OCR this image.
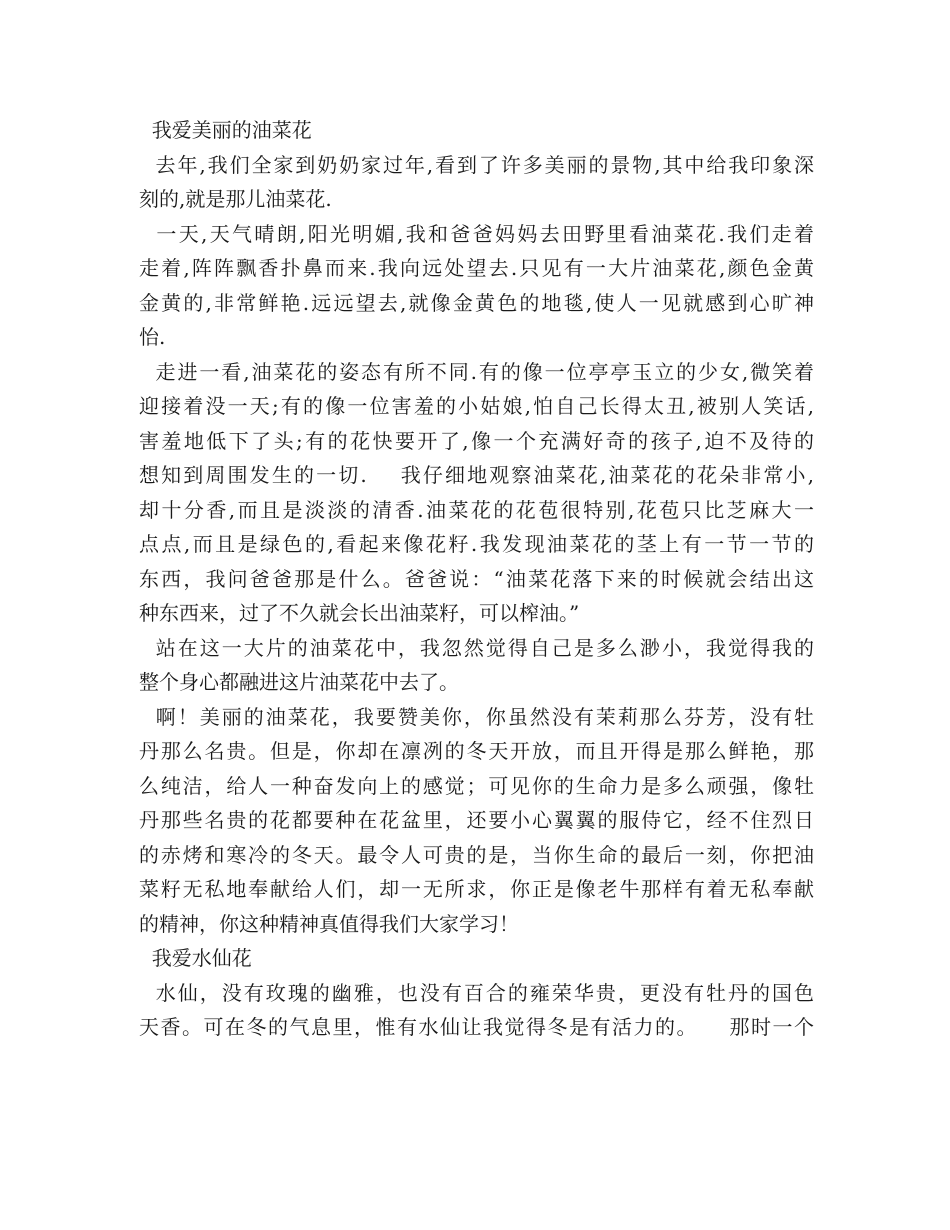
我爱美丽的油菜花
去年,我们全家到奶奶家过年,看到了许多美丽的景物,其中给我印象深
刻的,就是那儿油菜花.
一天,天气晴朗,阳光明媚,我和爸爸妈妈去田野里看油菜花.我们走着
走着,阵阵飘香扑鼻而来.我向远处望去.只见有一大片油菜花,颜色金黄
金黄的,非常鲜艳.远远望去,就像金黄色的地毯,使人一见就感到心旷神
怡.
走进一看,油菜花的姿态有所不同.有的像一位亭亭玉立的少女,微笑着
迎接着没一天;有的像一位害羞的小姑娘,怕自己长得太丑,被别人笑话,
害羞地低下了头;有的花快要开了,像一个充满好奇的孩子,迫不及待的
想知到周围发生的一切.    我仔细地观察油菜花,油菜花的花朵非常小,
却十分香,而且是淡淡的清香.油菜花的花苞很特别,花苞只比芝麻大一
点点,而且是绿色的,看起来像花籽.我发现油菜花的茎上有一节一节的
东西，我问爸爸那是什么。爸爸说：“油菜花落下来的时候就会结出这
种东西来，过了不久就会长出油菜籽，可以榨油。”
站在这一大片的油菜花中，我忽然觉得自己是多么渺小，我觉得我的
整个身心都融进这片油菜花中去了。
啊！美丽的油菜花，我要赞美你，你虽然没有茉莉那么芬芳，没有牡
丹那么名贵。但是，你却在凛冽的冬天开放，而且开得是那么鲜艳，那
么纯洁，给人一种奋发向上的感觉；可见你的生命力是多么顽强，像牡
丹那些名贵的花都要种在花盆里，还要小心翼翼的服侍它，经不住烈日
的赤烤和寒冷的冬天。最令人可贵的是，当你生命的最后一刻，你把油
菜籽无私地奉献给人们，却一无所求，你正是像老牛那样有着无私奉献
的精神，你这种精神真值得我们大家学习！
我爱水仙花
水仙，没有玫瑰的幽雅，也没有百合的雍荣华贵，更没有牡丹的国色
天香。可在冬的气息里，惟有水仙让我觉得冬是有活力的。    那时一个
